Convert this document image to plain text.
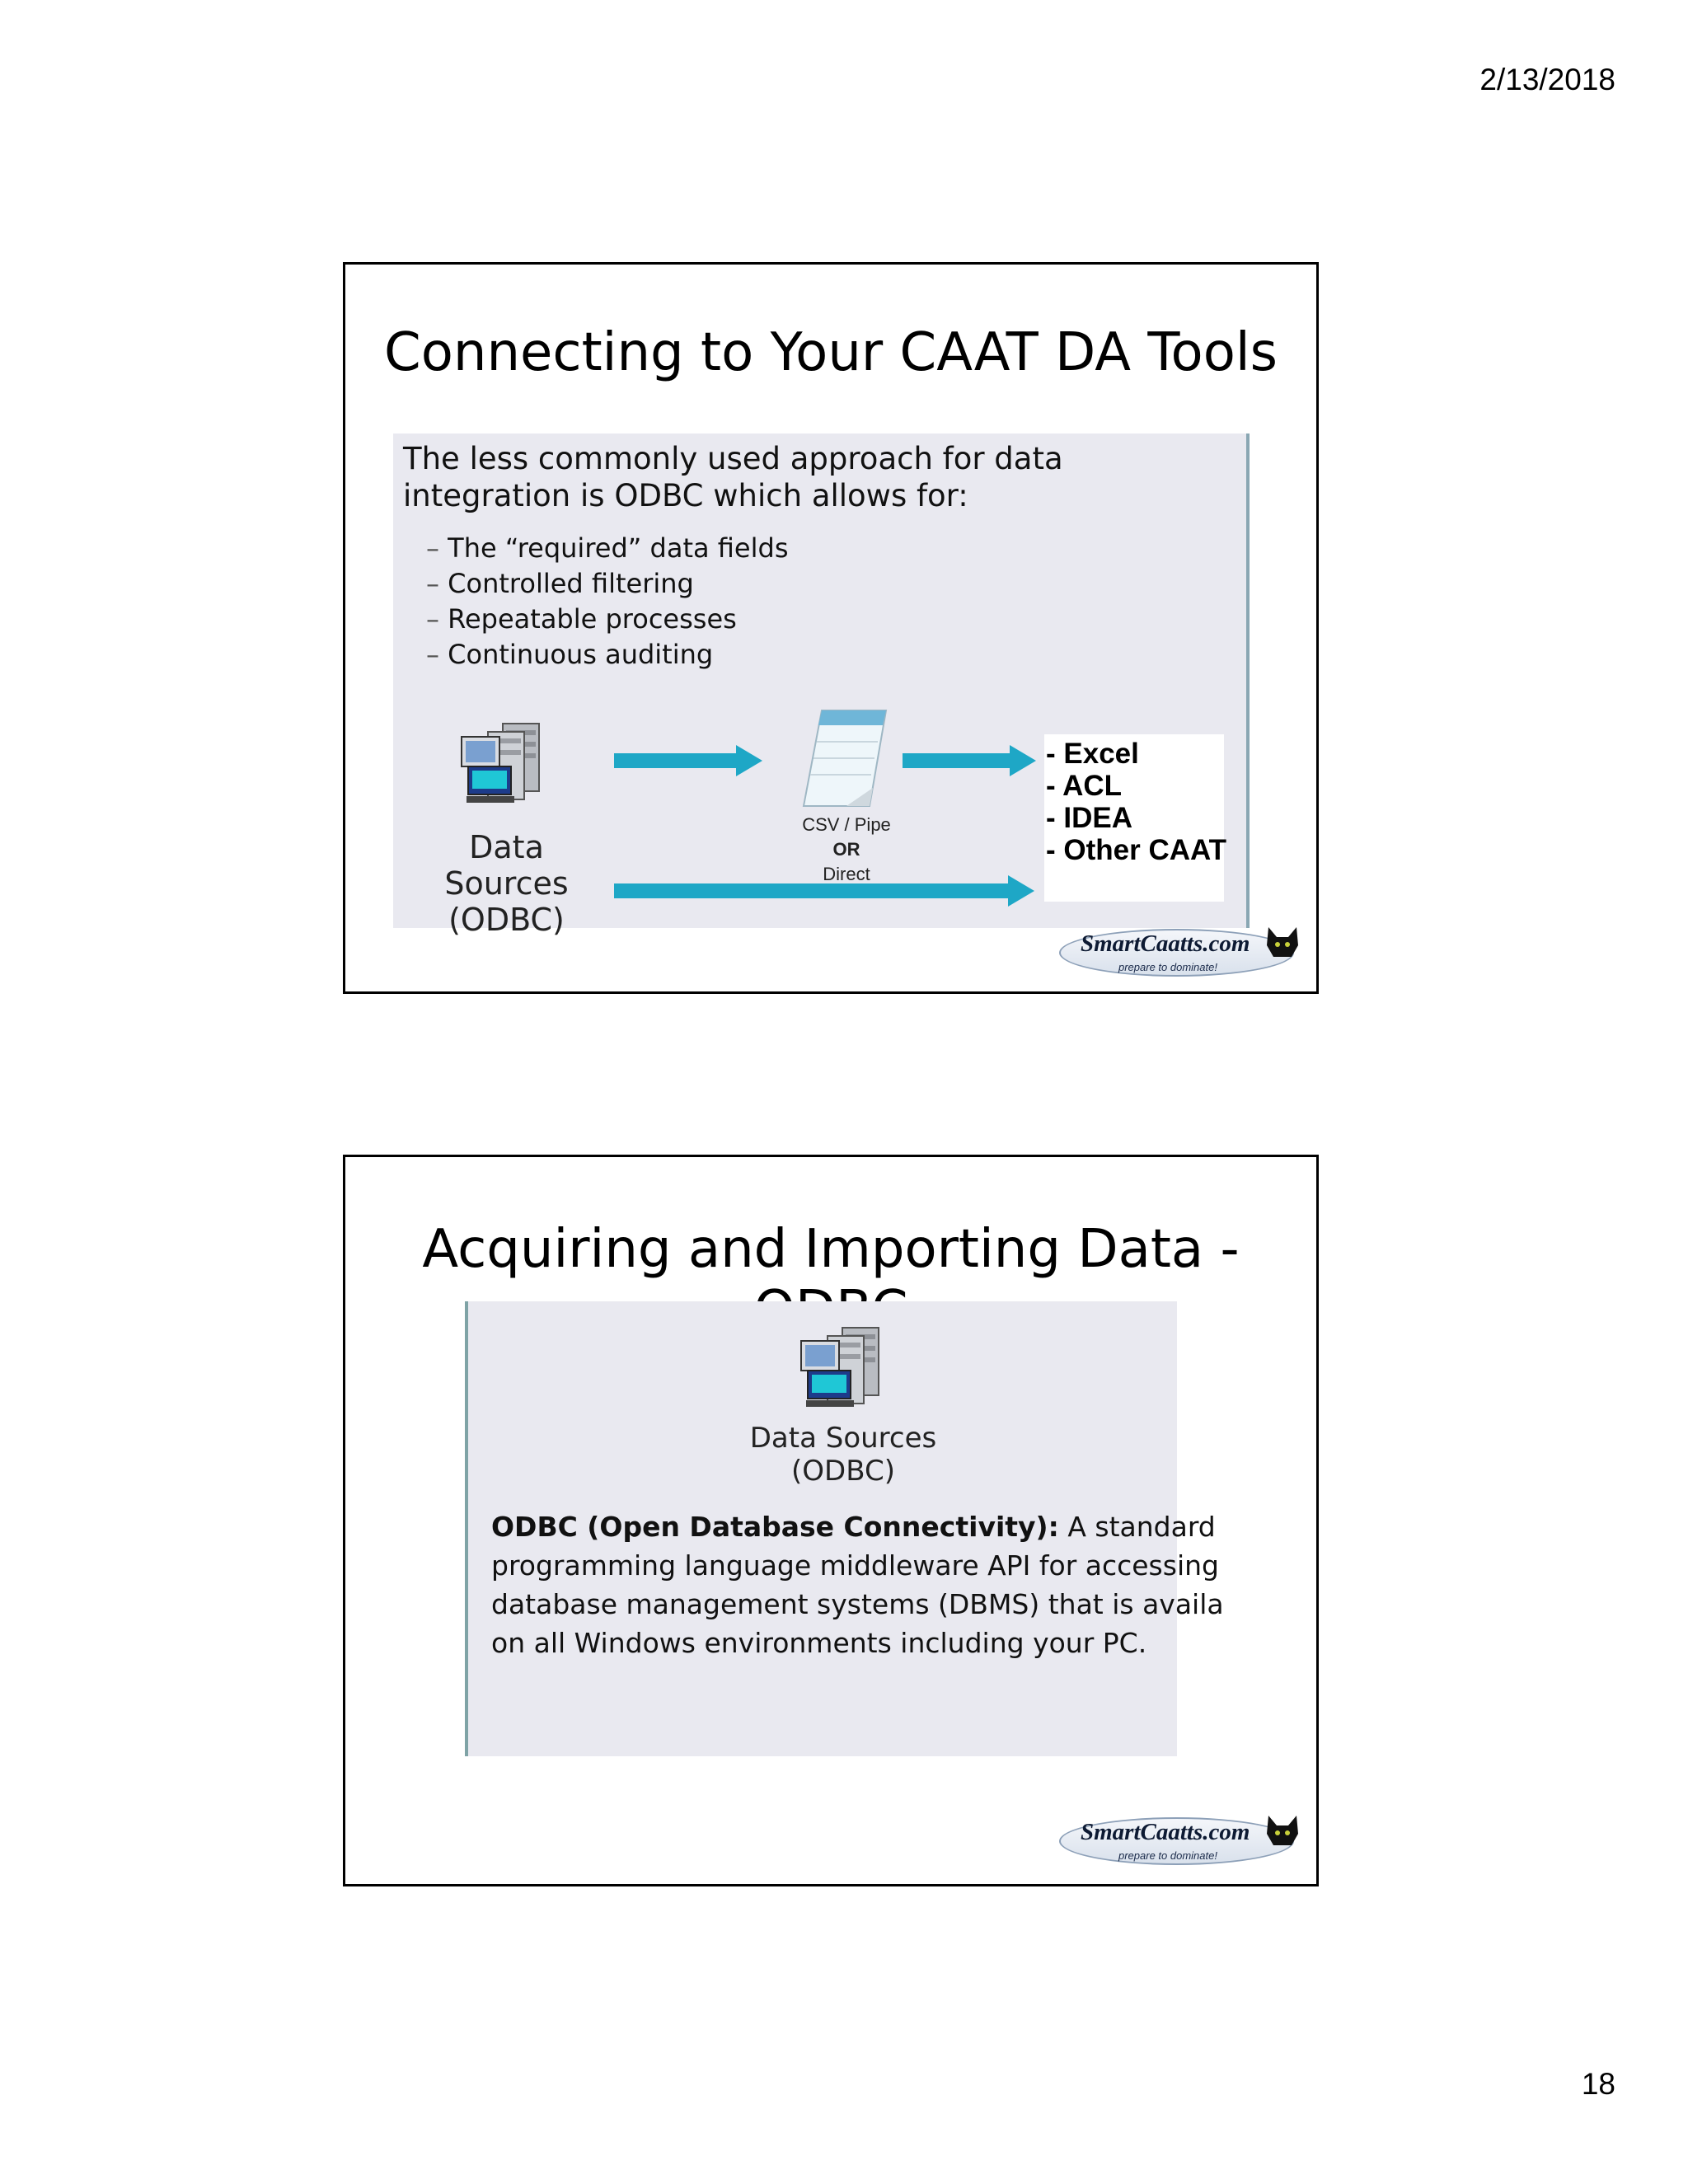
2/13/2018
Connecting to Your CAAT DA Tools
The less commonly used approach for data integration is ODBC which allows for:
– The “required” data fields
– Controlled filtering
– Repeatable processes
– Continuous auditing
Data Sources
(ODBC)
CSV / Pipe
OR
Direct
- Excel
- ACL
- IDEA
- Other CAAT
SmartCaatts.com
prepare to dominate!
Acquiring and Importing Data -
Data Sources
(ODBC)
ODBC (Open Database Connectivity): A standard
programming language middleware API for accessing
database management systems (DBMS) that is availa
on all Windows environments including your PC.
SmartCaatts.com
prepare to dominate!
18
